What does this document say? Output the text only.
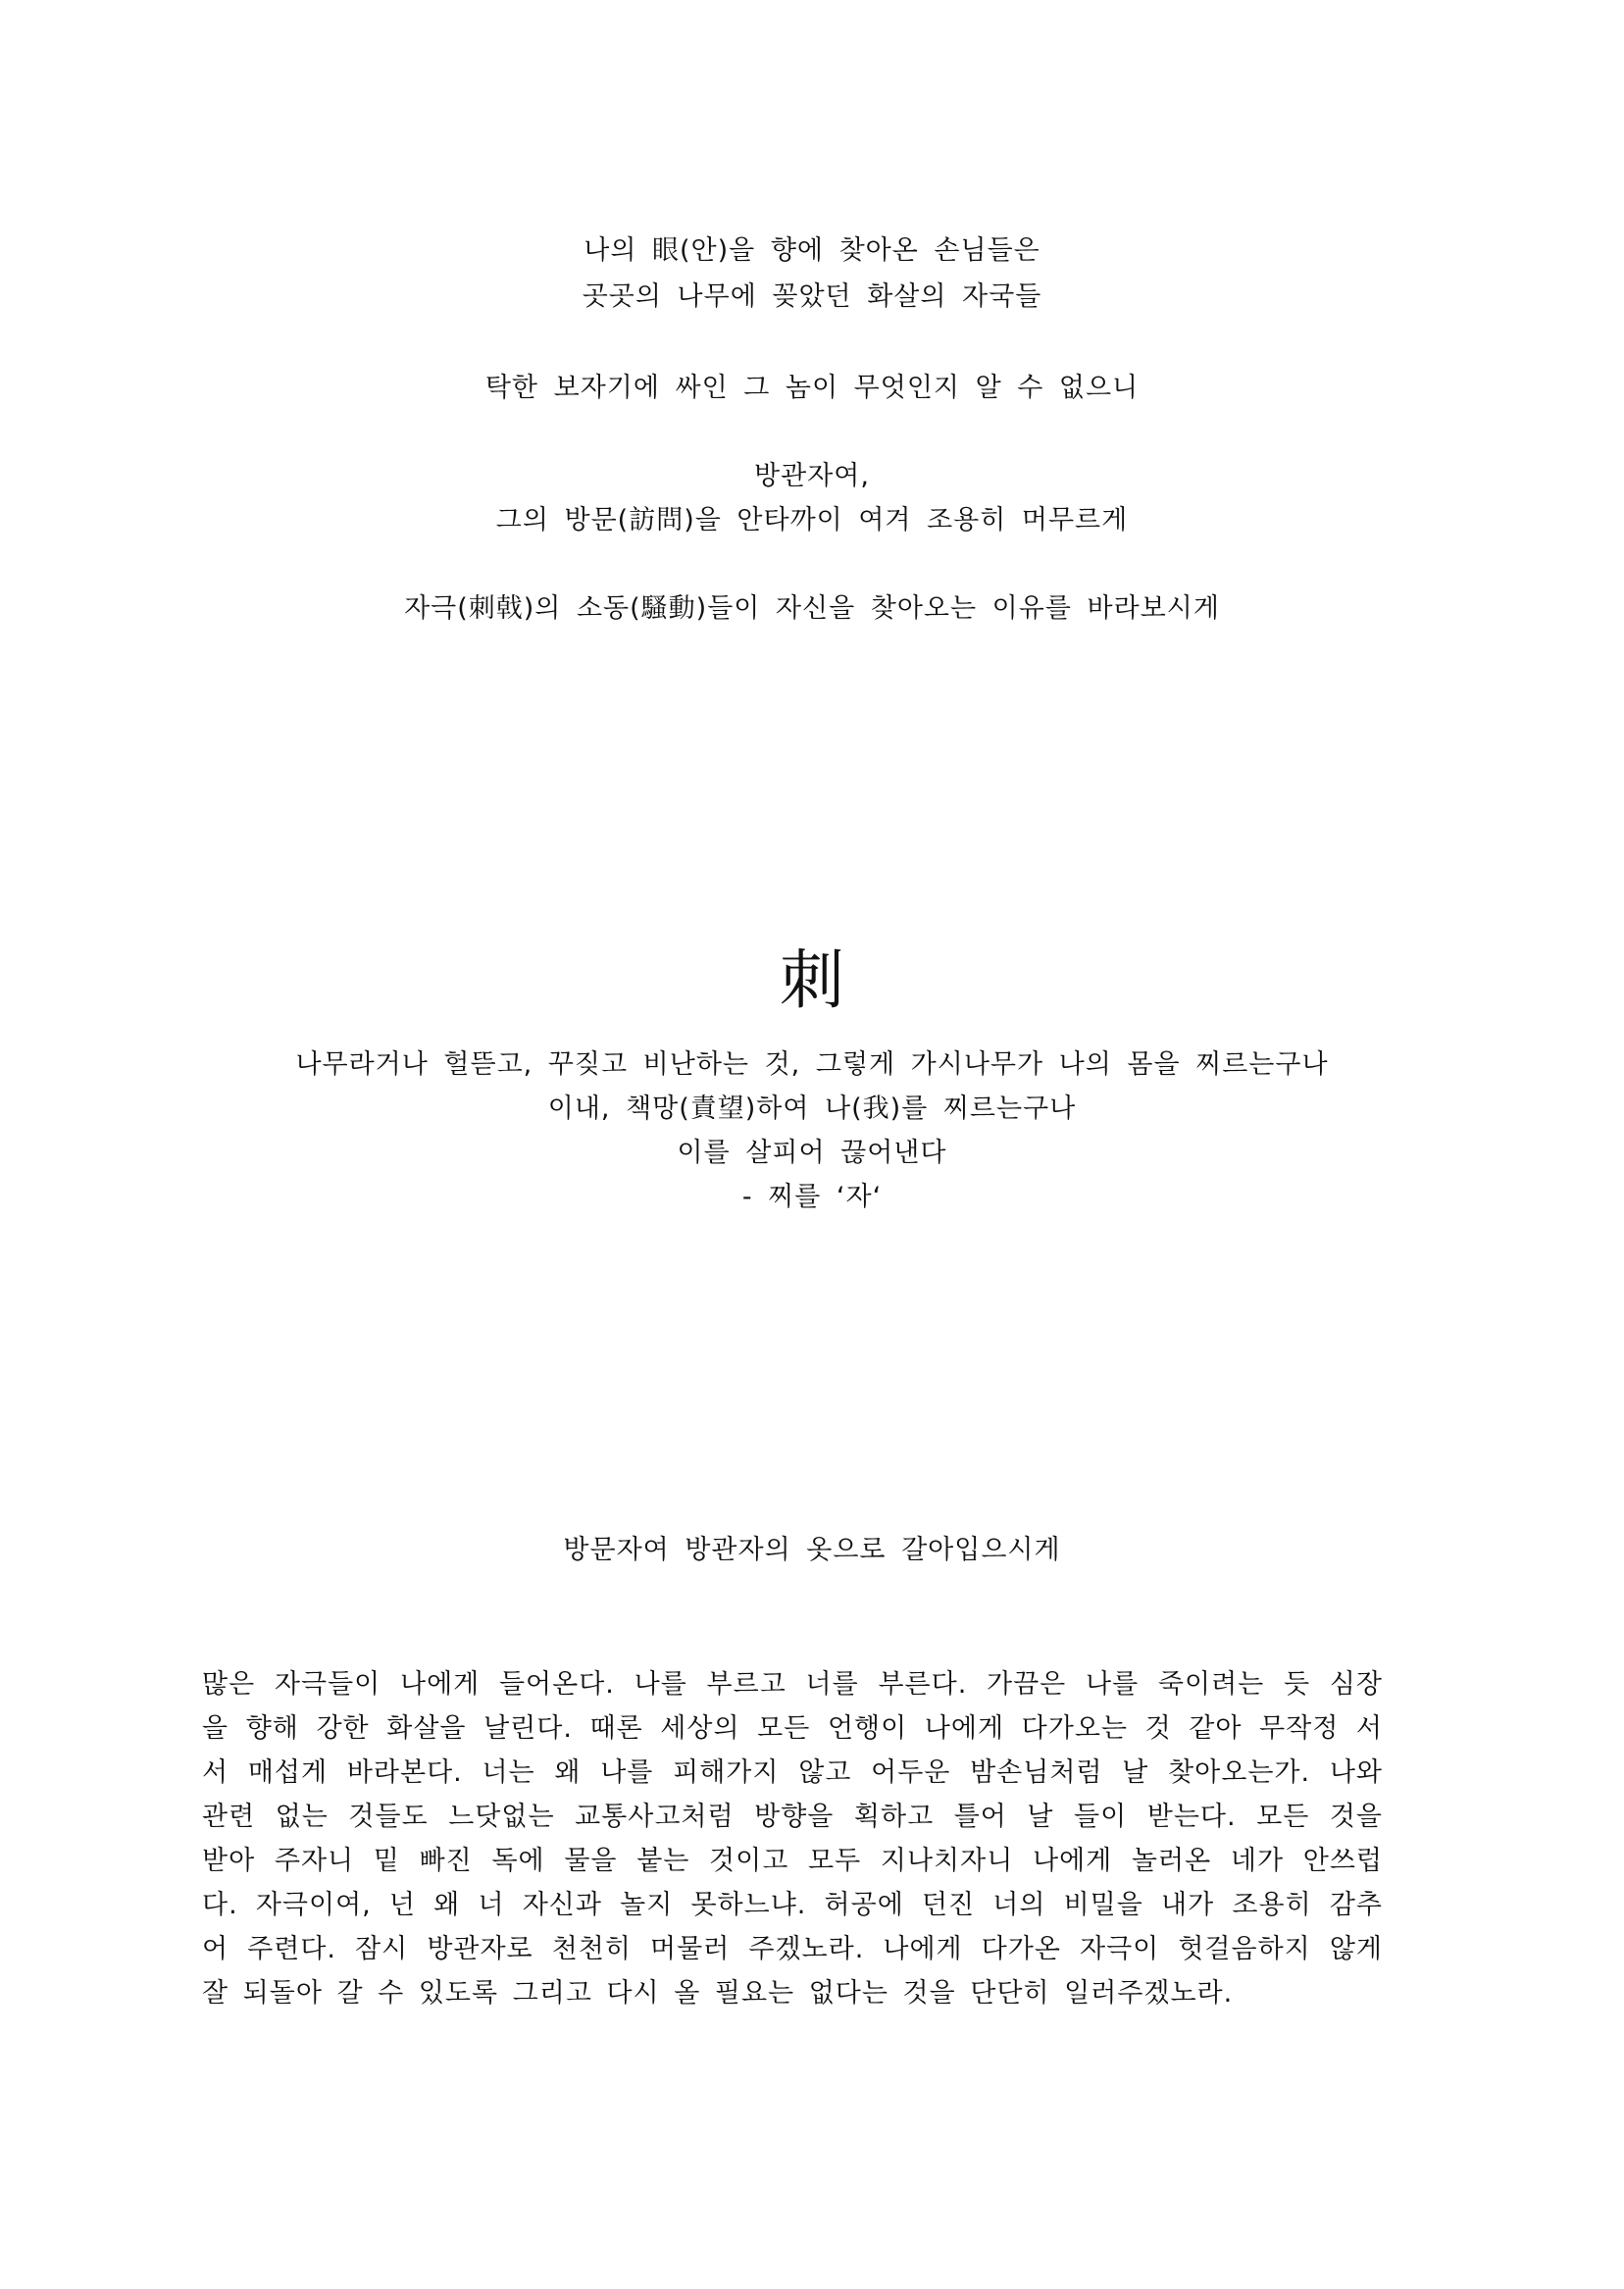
나의 眼(안)을 향에 찾아온 손님들은
곳곳의 나무에 꽂았던 화살의 자국들
탁한 보자기에 싸인 그 놈이 무엇인지 알 수 없으니
방관자여,
그의 방문(訪問)을 안타까이 여겨 조용히 머무르게
자극(刺戟)의 소동(騷動)들이 자신을 찾아오는 이유를 바라보시게
刺
나무라거나 헐뜯고, 꾸짖고 비난하는 것, 그렇게 가시나무가 나의 몸을 찌르는구나
이내, 책망(責望)하여 나(我)를 찌르는구나
이를 살피어 끊어낸다
- 찌를 ‘자‘
방문자여 방관자의 옷으로 갈아입으시게
많은 자극들이 나에게 들어온다. 나를 부르고 너를 부른다. 가끔은 나를 죽이려는 듯 심장
을 향해 강한 화살을 날린다. 때론 세상의 모든 언행이 나에게 다가오는 것 같아 무작정 서
서 매섭게 바라본다. 너는 왜 나를 피해가지 않고 어두운 밤손님처럼 날 찾아오는가. 나와
관련 없는 것들도 느닷없는 교통사고처럼 방향을 획하고 틀어 날 들이 받는다. 모든 것을
받아 주자니 밑 빠진 독에 물을 붙는 것이고 모두 지나치자니 나에게 놀러온 네가 안쓰럽
다. 자극이여, 넌 왜 너 자신과 놀지 못하느냐. 허공에 던진 너의 비밀을 내가 조용히 감추
어 주련다. 잠시 방관자로 천천히 머물러 주겠노라. 나에게 다가온 자극이 헛걸음하지 않게
잘 되돌아 갈 수 있도록 그리고 다시 올 필요는 없다는 것을 단단히 일러주겠노라.
